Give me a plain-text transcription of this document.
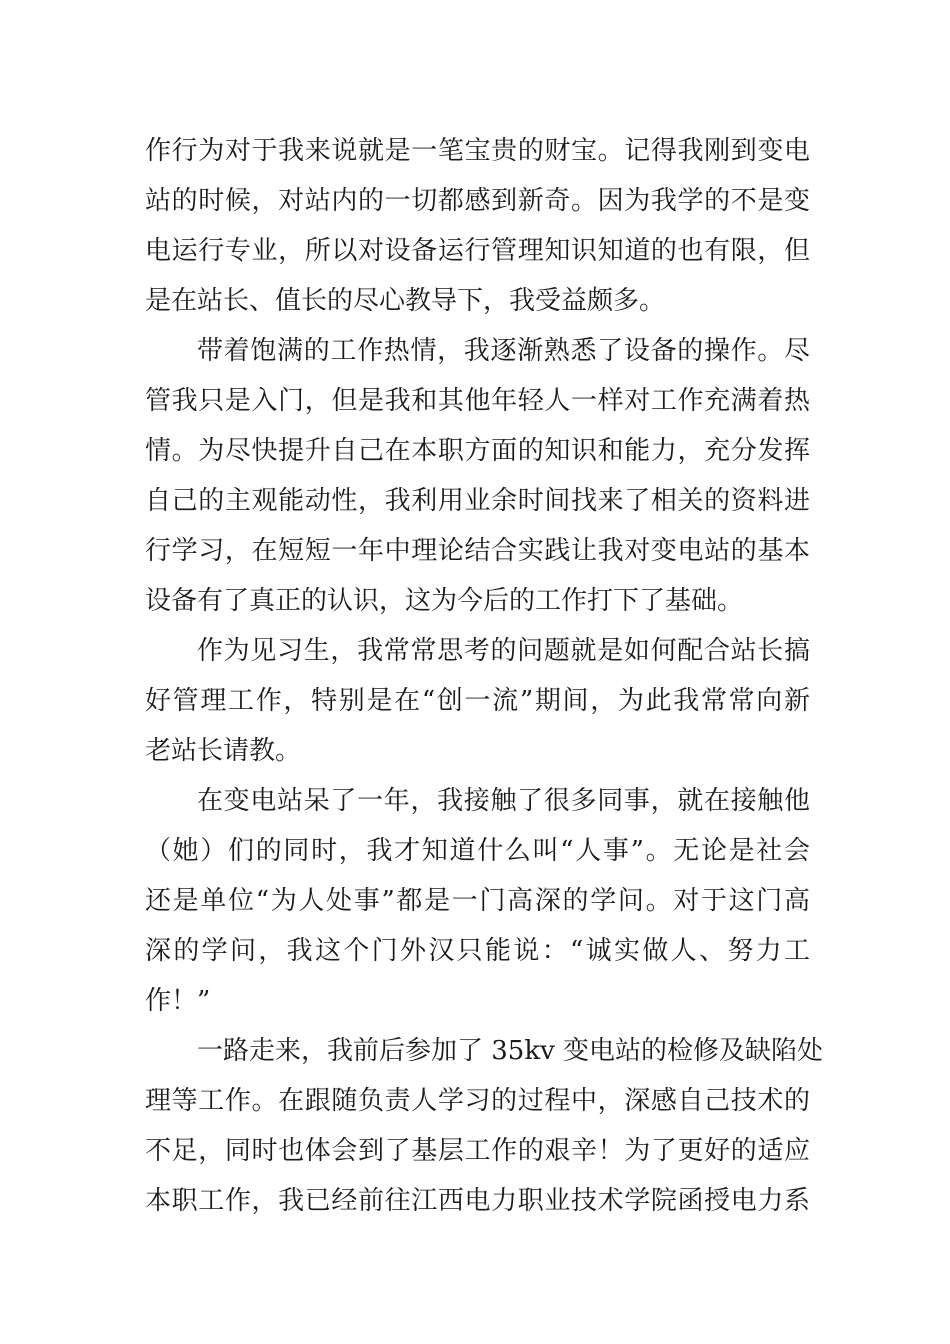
作行为对于我来说就是一笔宝贵的财宝。记得我刚到变电
站的时候，对站内的一切都感到新奇。因为我学的不是变
电运行专业，所以对设备运行管理知识知道的也有限，但
是在站长、值长的尽心教导下，我受益颇多。
带着饱满的工作热情，我逐渐熟悉了设备的操作。尽
管我只是入门，但是我和其他年轻人一样对工作充满着热
情。为尽快提升自己在本职方面的知识和能力，充分发挥
自己的主观能动性，我利用业余时间找来了相关的资料进
行学习，在短短一年中理论结合实践让我对变电站的基本
设备有了真正的认识，这为今后的工作打下了基础。
作为见习生，我常常思考的问题就是如何配合站长搞
好管理工作，特别是在“创一流”期间，为此我常常向新
老站长请教。
在变电站呆了一年，我接触了很多同事，就在接触他
（她）们的同时，我才知道什么叫“人事”。无论是社会
还是单位“为人处事”都是一门高深的学问。对于这门高
深的学问，我这个门外汉只能说：“诚实做人、努力工
作！”
一路走来，我前后参加了 35kv 变电站的检修及缺陷处
理等工作。在跟随负责人学习的过程中，深感自己技术的
不足，同时也体会到了基层工作的艰辛！为了更好的适应
本职工作，我已经前往江西电力职业技术学院函授电力系
